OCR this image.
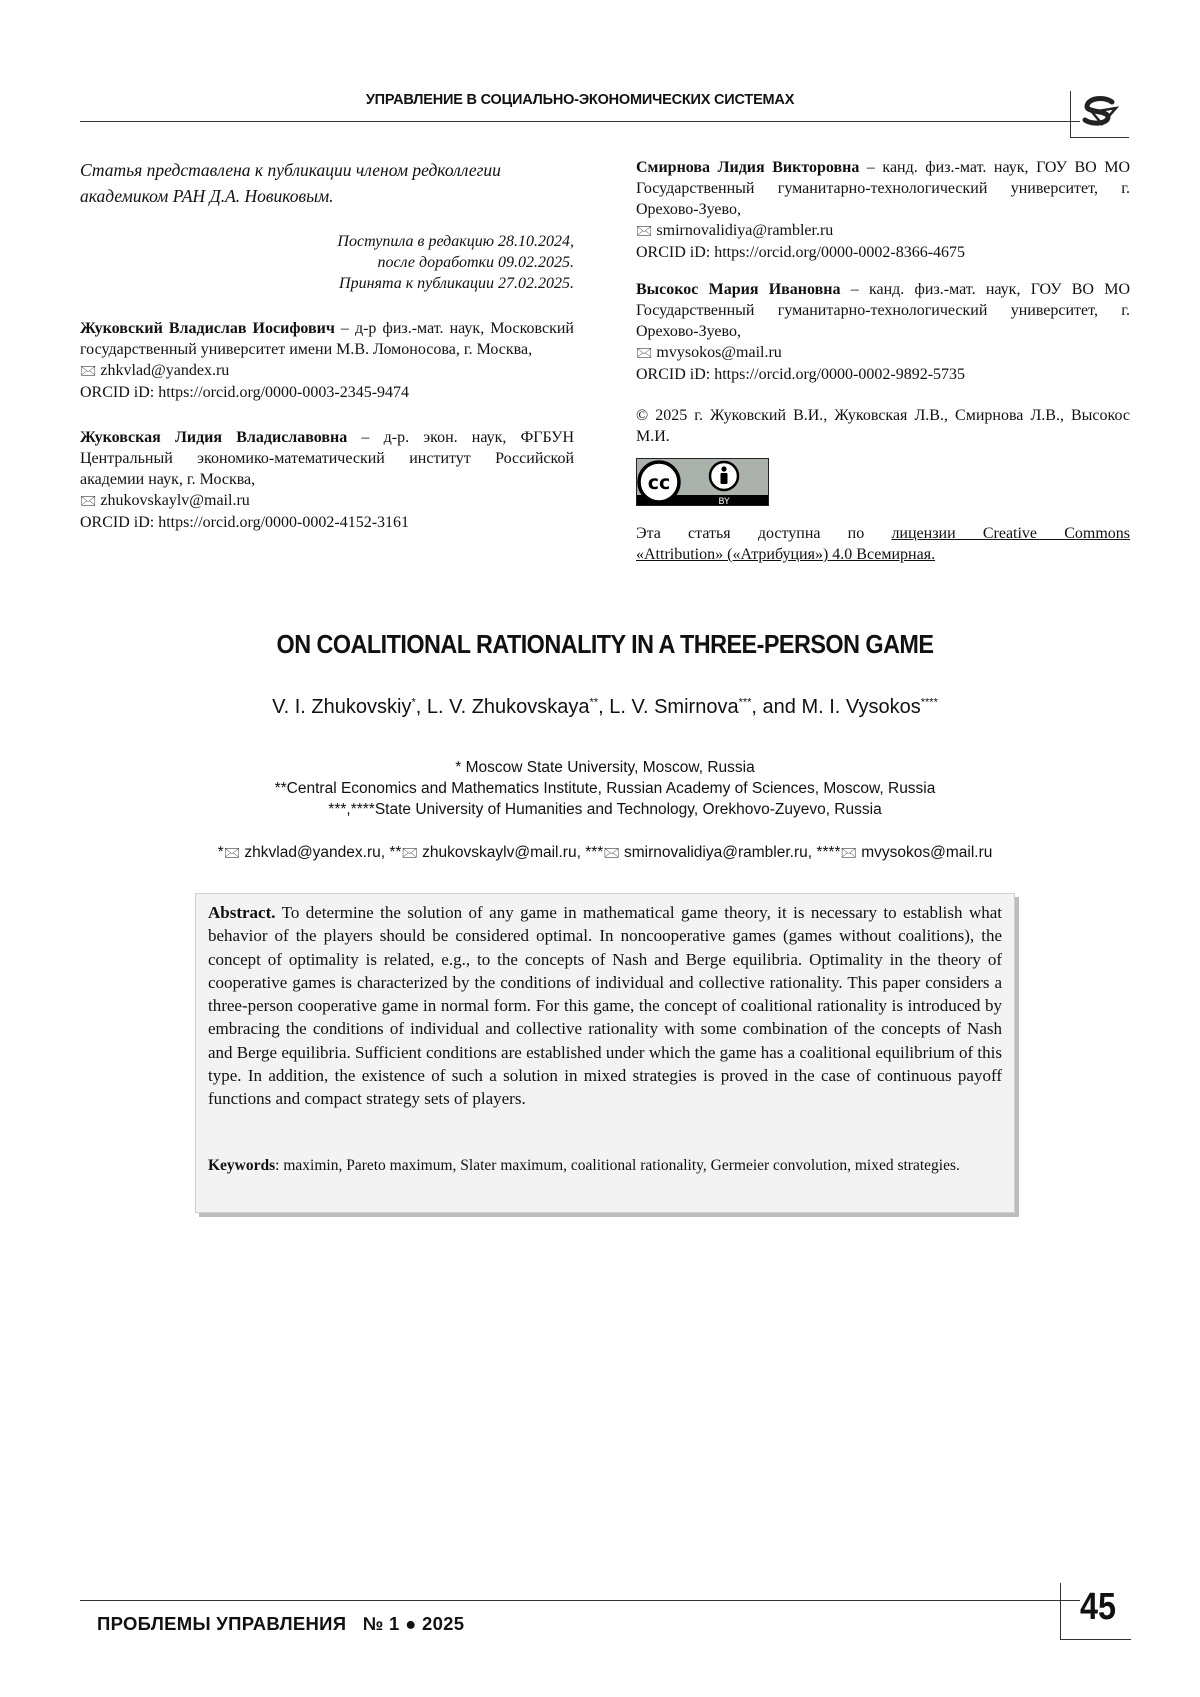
УПРАВЛЕНИЕ В СОЦИАЛЬНО-ЭКОНОМИЧЕСКИХ СИСТЕМАХ
Статья представлена к публикации членом редколлегии академиком РАН Д.А. Новиковым.
Поступила в редакцию 28.10.2024,
после доработки 09.02.2025.
Принята к публикации 27.02.2025.

Жуковский Владислав Иосифович – д-р физ.-мат. наук, Московский государственный университет имени М.В. Ломоносова, г. Москва,

🖂 zhkvlad@yandex.ru

ORCID iD: https://orcid.org/0000-0003-2345-9474

Жуковская Лидия Владиславовна – д-р. экон. наук, ФГБУН Центральный экономико-математический институт Российской академии наук, г. Москва,

🖂 zhukovskaylv@mail.ru

ORCID iD: https://orcid.org/0000-0002-4152-3161

Смирнова Лидия Викторовна – канд. физ.-мат. наук, ГОУ ВО МО Государственный гуманитарно-технологический университет, г. Орехово-Зуево,

🖂 smirnovalidiya@rambler.ru

ORCID iD: https://orcid.org/0000-0002-8366-4675

Высокос Мария Ивановна – канд. физ.-мат. наук, ГОУ ВО МО Государственный гуманитарно-технологический университет, г. Орехово-Зуево,

🖂 mvysokos@mail.ru

ORCID iD: https://orcid.org/0000-0002-9892-5735

© 2025 г. Жуковский В.И., Жуковская Л.В., Смирнова Л.В., Высокос М.И.
cc
BY
Эта статья доступна по лицензии Creative Commons
«Attribution» («Атрибуция») 4.0 Всемирная.
ON COALITIONAL RATIONALITY IN A THREE-PERSON GAME
V. I. Zhukovskiy*, L. V. Zhukovskaya**, L. V. Smirnova***, and M. I. Vysokos****
* Moscow State University, Moscow, Russia
**Central Economics and Mathematics Institute, Russian Academy of Sciences, Moscow, Russia
***,****State University of Humanities and Technology, Orekhovo-Zuyevo, Russia
*🖂 zhkvlad@yandex.ru, **🖂 zhukovskaylv@mail.ru, ***🖂 smirnovalidiya@rambler.ru, ****🖂 mvysokos@mail.ru
Abstract. To determine the solution of any game in mathematical game theory, it is necessary to establish what behavior of the players should be considered optimal. In noncooperative games (games without coalitions), the concept of optimality is related, e.g., to the concepts of Nash and Berge equilibria. Optimality in the theory of cooperative games is characterized by the conditions of individual and collective rationality. This paper considers a three-person cooperative game in normal form. For this game, the concept of coalitional rationality is introduced by embracing the conditions of individual and collective rationality with some combination of the concepts of Nash and Berge equilibria. Sufficient conditions are established under which the game has a coalitional equilibrium of this type. In addition, the existence of such a solution in mixed strategies is proved in the case of continuous payoff functions and compact strategy sets of players.
Keywords: maximin, Pareto maximum, Slater maximum, coalitional rationality, Germeier convolution, mixed strategies.
ПРОБЛЕМЫ УПРАВЛЕНИЯ № 1 ● 2025	45
